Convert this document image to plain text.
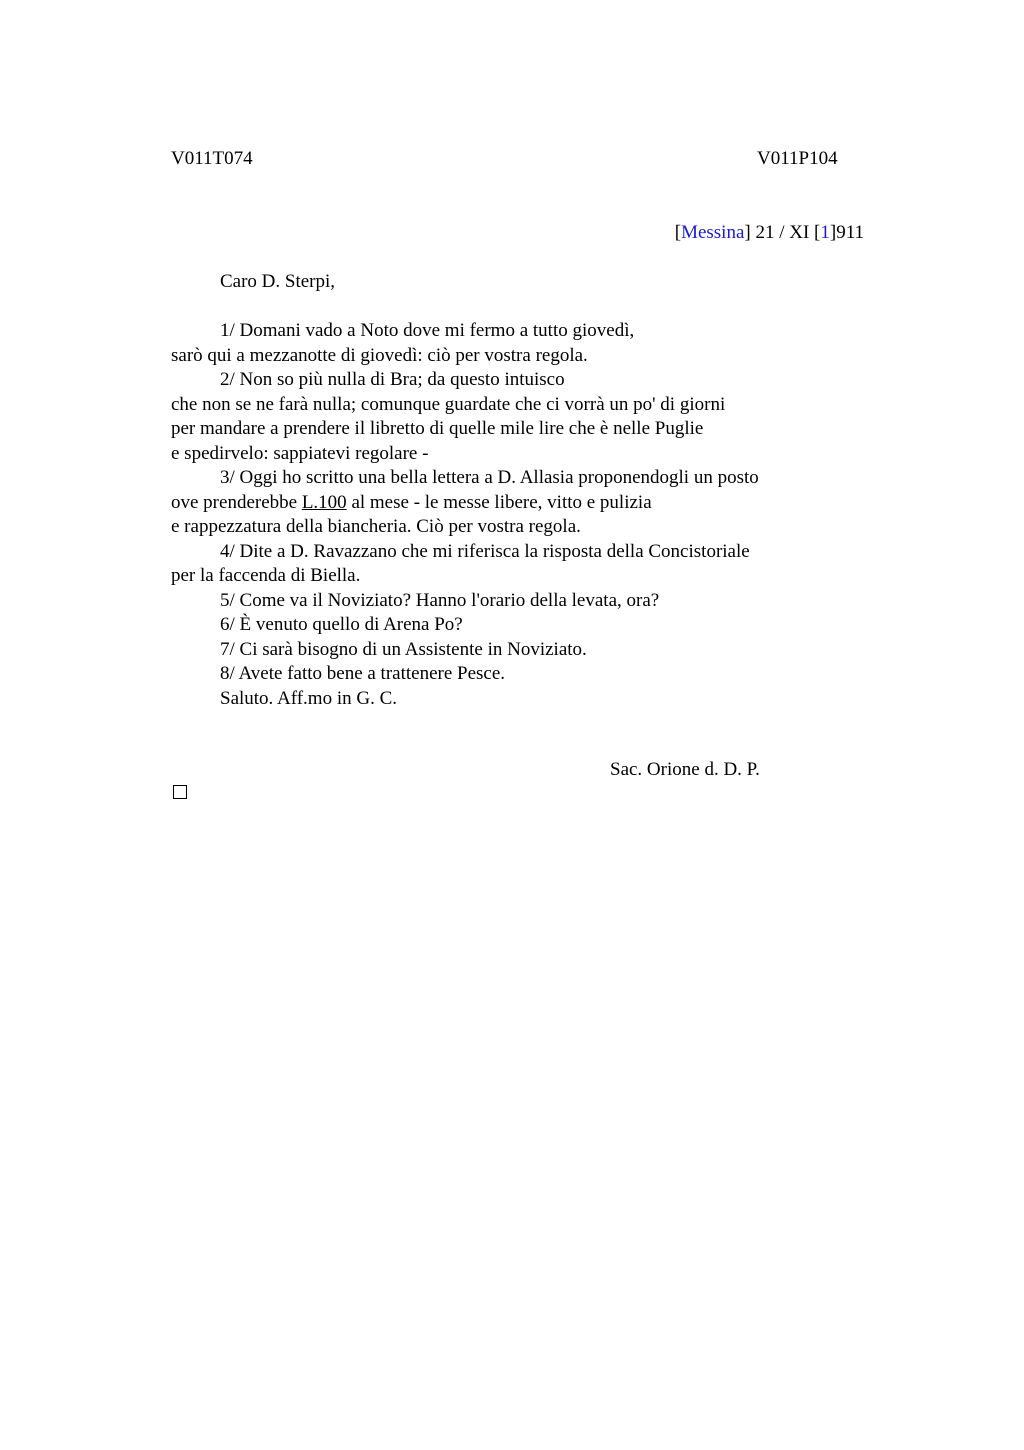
V011T074	V011P104
[Messina] 21 / XI [1]911
Caro D. Sterpi,
1/ Domani vado a Noto dove mi fermo a tutto giovedì,
sarò qui a mezzanotte di giovedì: ciò per vostra regola.
2/ Non so più nulla di Bra; da questo intuisco
che non se ne farà nulla; comunque guardate che ci vorrà un po' di giorni
per mandare a prendere il libretto di quelle mile lire che è nelle Puglie
e spedirvelo: sappiatevi regolare -
3/ Oggi ho scritto una bella lettera a D. Allasia proponendogli un posto
ove prenderebbe L.100 al mese - le messe libere, vitto e pulizia
e rappezzatura della biancheria. Ciò per vostra regola.
4/ Dite a D. Ravazzano che mi riferisca la risposta della Concistoriale
per la faccenda di Biella.
5/ Come va il Noviziato? Hanno l'orario della levata, ora?
6/ È venuto quello di Arena Po?
7/ Ci sarà bisogno di un Assistente in Noviziato.
8/ Avete fatto bene a trattenere Pesce.
Saluto. Aff.mo in G. C.
Sac. Orione d. D. P.
